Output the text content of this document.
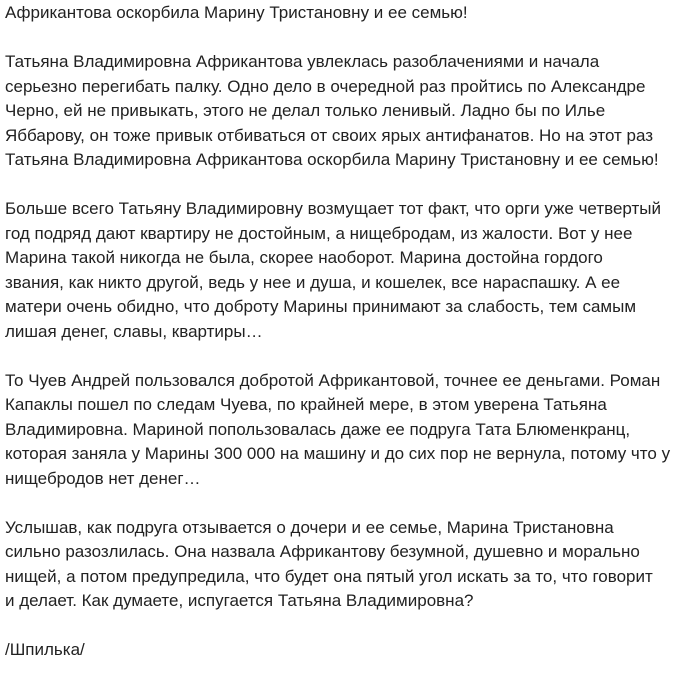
Африкантова оскорбила Марину Тристановну и ее семью!
Татьяна Владимировна Африкантова увлеклась разоблачениями и начала
серьезно перегибать палку. Одно дело в очередной раз пройтись по Александре
Черно, ей не привыкать, этого не делал только ленивый. Ладно бы по Илье
Яббарову, он тоже привык отбиваться от своих ярых антифанатов. Но на этот раз
Татьяна Владимировна Африкантова оскорбила Марину Тристановну и ее семью!
Больше всего Татьяну Владимировну возмущает тот факт, что орги уже четвертый
год подряд дают квартиру не достойным, а нищебродам, из жалости. Вот у нее
Марина такой никогда не была, скорее наоборот. Марина достойна гордого
звания, как никто другой, ведь у нее и душа, и кошелек, все нараспашку. А ее
матери очень обидно, что доброту Марины принимают за слабость, тем самым
лишая денег, славы, квартиры…
То Чуев Андрей пользовался добротой Африкантовой, точнее ее деньгами. Роман
Капаклы пошел по следам Чуева, по крайней мере, в этом уверена Татьяна
Владимировна. Мариной попользовалась даже ее подруга Тата Блюменкранц,
которая заняла у Марины 300 000 на машину и до сих пор не вернула, потому что у
нищебродов нет денег…
Услышав, как подруга отзывается о дочери и ее семье, Марина Тристановна
сильно разозлилась. Она назвала Африкантову безумной, душевно и морально
нищей, а потом предупредила, что будет она пятый угол искать за то, что говорит
и делает. Как думаете, испугается Татьяна Владимировна?
/Шпилька/
